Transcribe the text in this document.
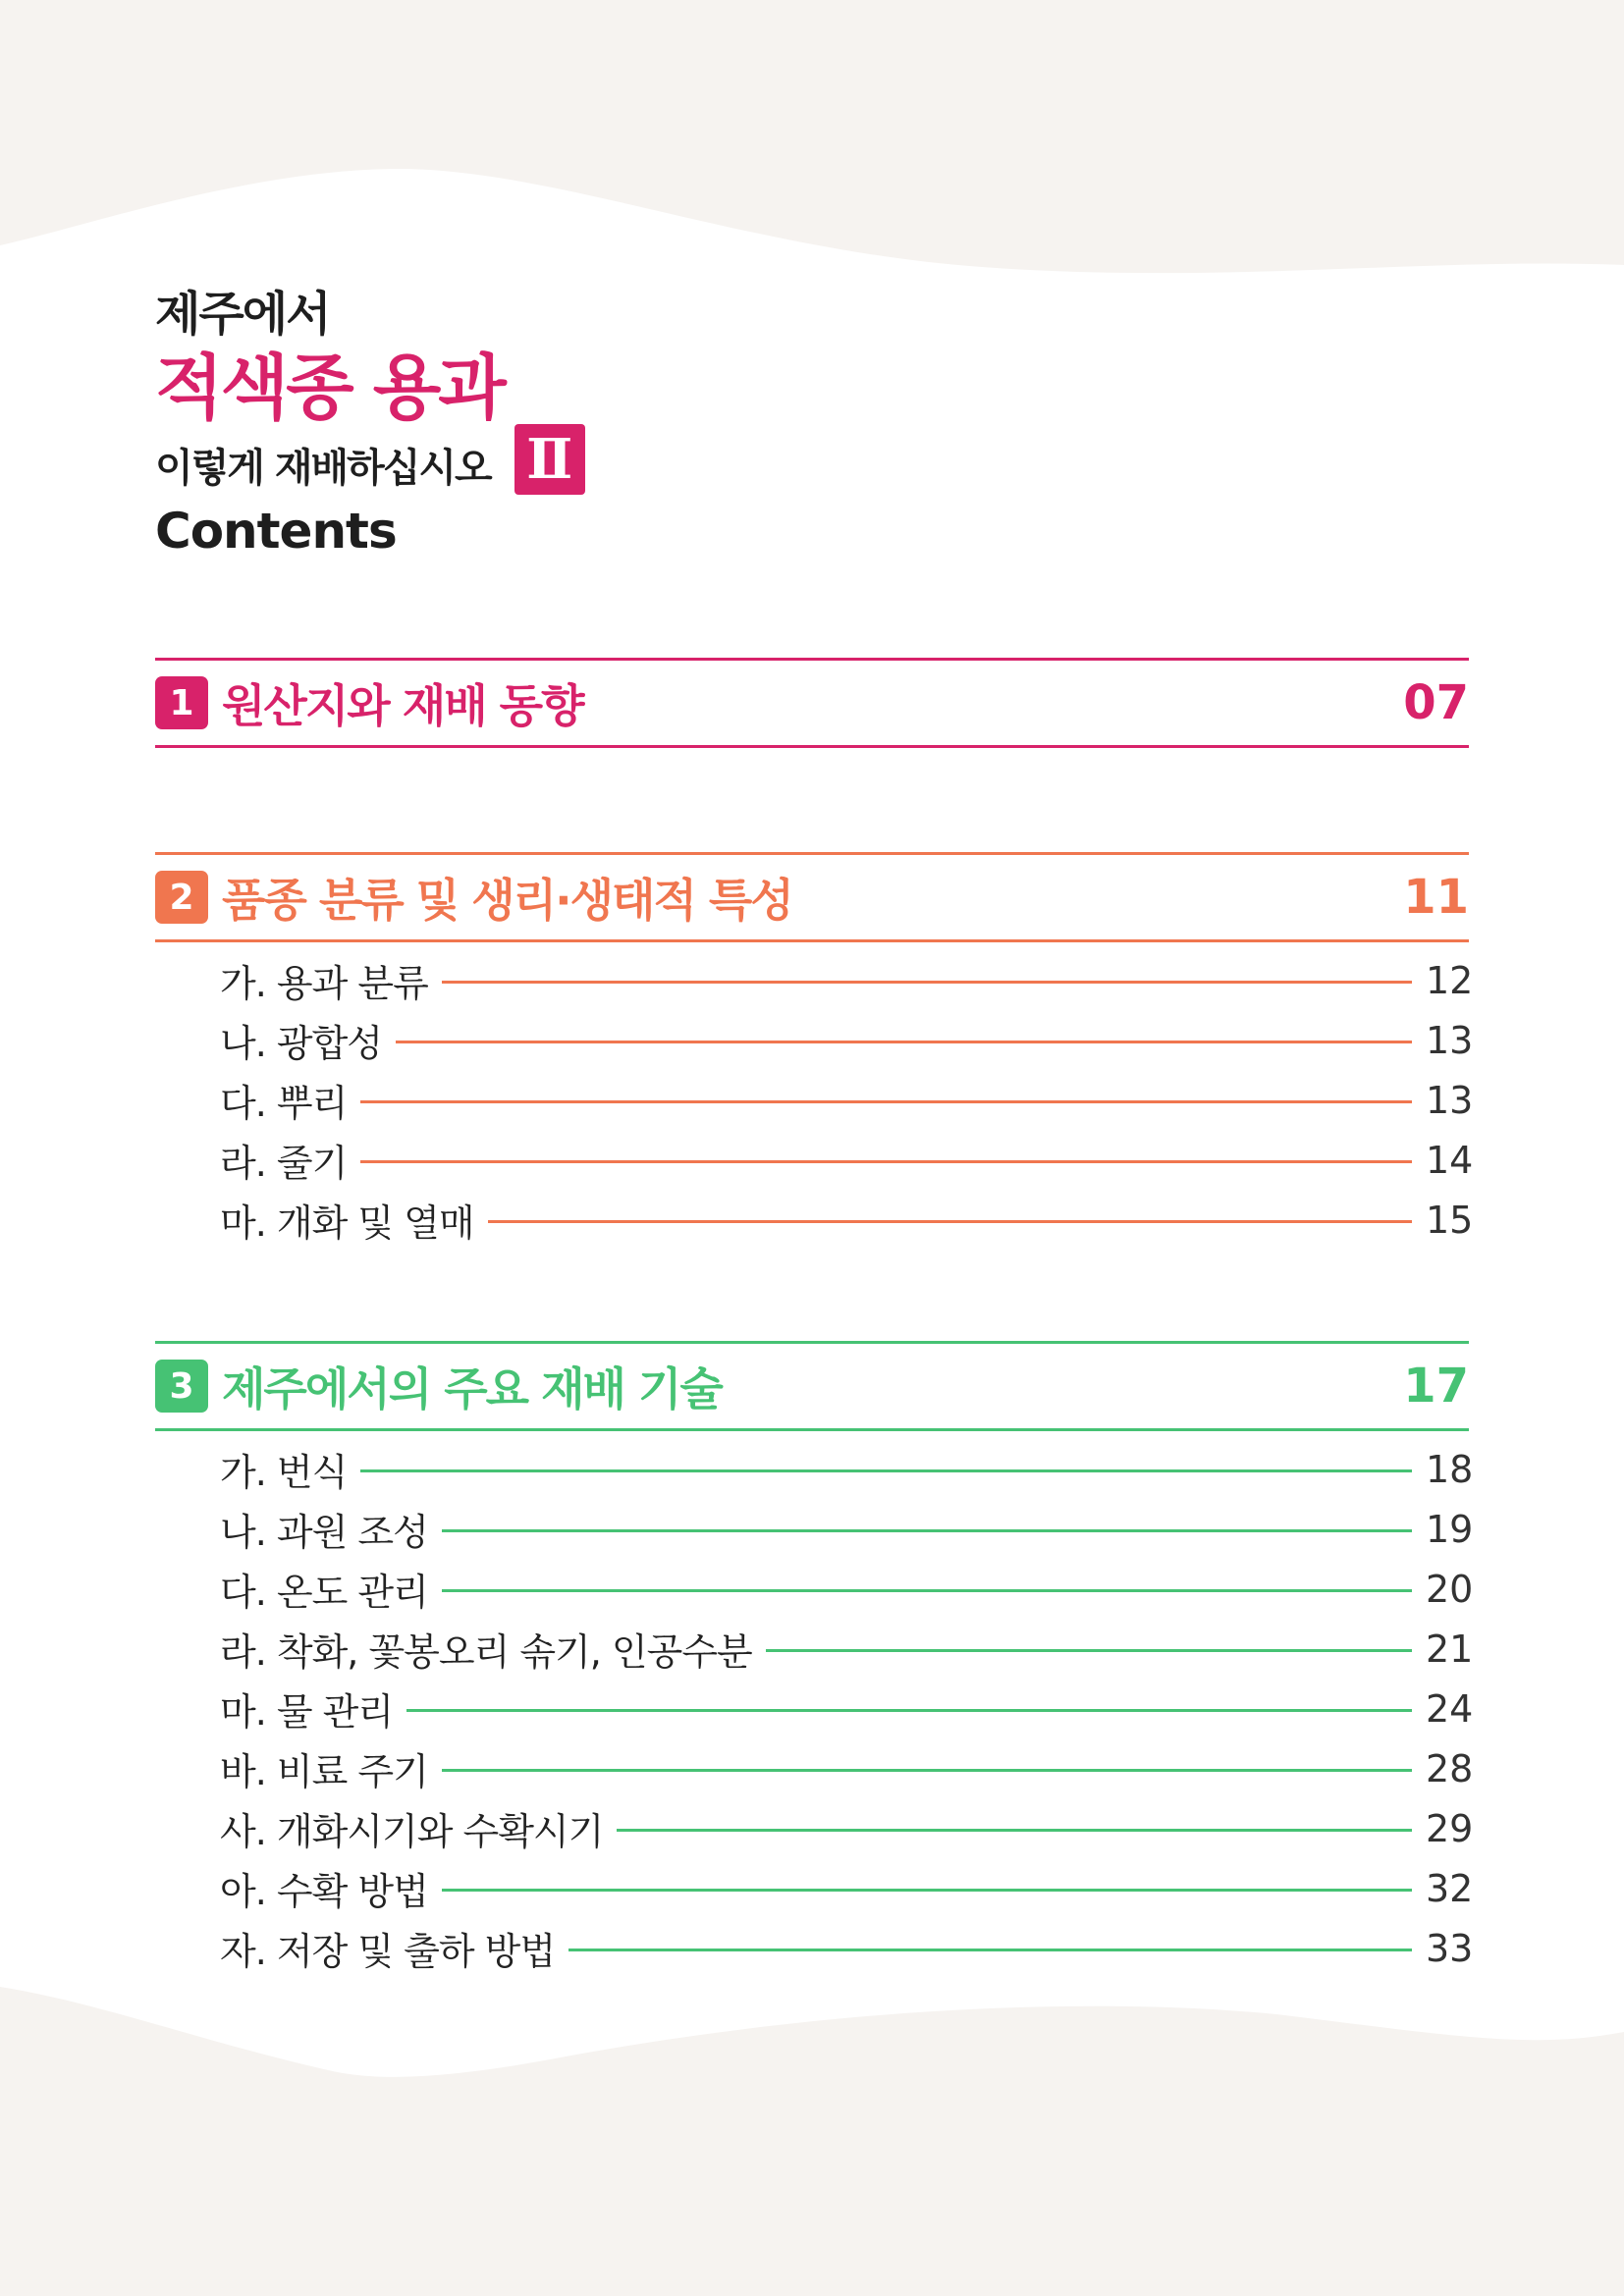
제주에서
적색종 용과
이렇게 재배하십시오 Ⅱ
Contents
1 원산지와 재배 동향	07
2 품종 분류 및 생리·생태적 특성	11
가. 용과 분류	12
나. 광합성	13
다. 뿌리	13
라. 줄기	14
마. 개화 및 열매	15
3 제주에서의 주요 재배 기술	17
가. 번식	18
나. 과원 조성	19
다. 온도 관리	20
라. 착화, 꽃봉오리 솎기, 인공수분	21
마. 물 관리	24
바. 비료 주기	28
사. 개화시기와 수확시기	29
아. 수확 방법	32
자. 저장 및 출하 방법	33
